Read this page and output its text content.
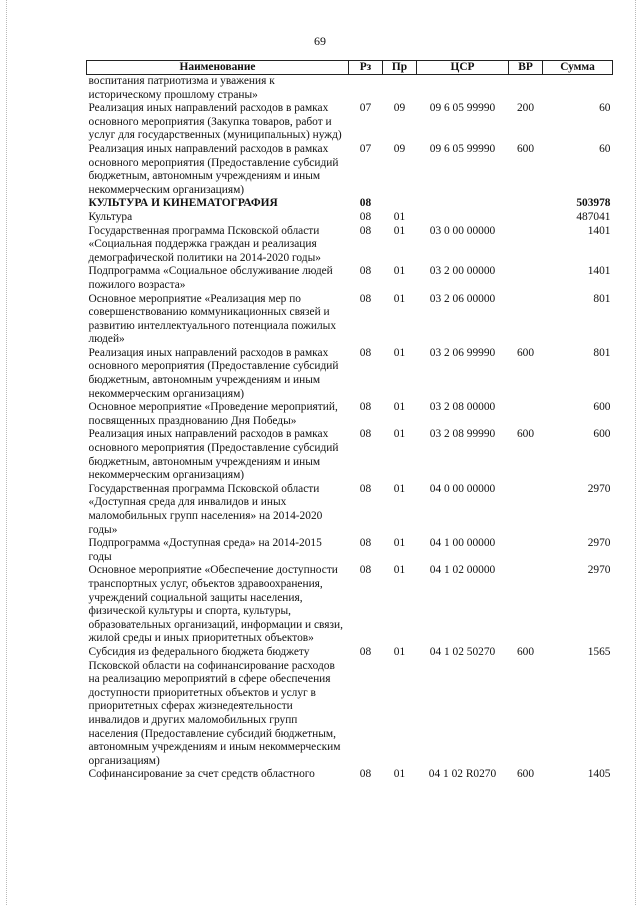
69
Наименование	Рз	Пр	ЦСР	ВР	Сумма
воспитания патриотизма и уважения к историческому прошлому страны»					
Реализация иных направлений расходов в рамках основного мероприятия (Закупка товаров, работ и услуг для государственных (муниципальных) нужд)	07	09	09 6 05 99990	200	60
Реализация иных направлений расходов в рамках основного мероприятия (Предоставление субсидий бюджетным, автономным учреждениям и иным некоммерческим организациям)	07	09	09 6 05 99990	600	60
КУЛЬТУРА И КИНЕМАТОГРАФИЯ	08				503978
Культура	08	01			487041
Государственная программа Псковской области «Социальная поддержка граждан и реализация демографической политики на 2014-2020 годы»	08	01	03 0 00 00000		1401
Подпрограмма «Социальное обслуживание людей пожилого возраста»	08	01	03 2 00 00000		1401
Основное мероприятие «Реализация мер по совершенствованию коммуникационных связей и развитию интеллектуального потенциала пожилых людей»	08	01	03 2 06 00000		801
Реализация иных направлений расходов в рамках основного мероприятия (Предоставление субсидий бюджетным, автономным учреждениям и иным некоммерческим организациям)	08	01	03 2 06 99990	600	801
Основное мероприятие «Проведение мероприятий, посвященных празднованию Дня Победы»	08	01	03 2 08 00000		600
Реализация иных направлений расходов в рамках основного мероприятия (Предоставление субсидий бюджетным, автономным учреждениям и иным некоммерческим организациям)	08	01	03 2 08 99990	600	600
Государственная программа Псковской области «Доступная среда для инвалидов и иных маломобильных групп населения» на 2014-2020 годы»	08	01	04 0 00 00000		2970
Подпрограмма «Доступная среда» на 2014-2015 годы	08	01	04 1 00 00000		2970
Основное мероприятие «Обеспечение доступности транспортных услуг, объектов здравоохранения, учреждений социальной защиты населения, физической культуры и спорта, культуры, образовательных организаций, информации и связи, жилой среды и иных приоритетных объектов»	08	01	04 1 02 00000		2970
Субсидия из федерального бюджета бюджету Псковской области на софинансирование расходов на реализацию мероприятий в сфере обеспечения доступности приоритетных объектов и услуг в приоритетных сферах жизнедеятельности инвалидов и других маломобильных групп населения (Предоставление субсидий бюджетным, автономным учреждениям и иным некоммерческим организациям)	08	01	04 1 02 50270	600	1565
Софинансирование за счет средств областного	08	01	04 1 02 R0270	600	1405
